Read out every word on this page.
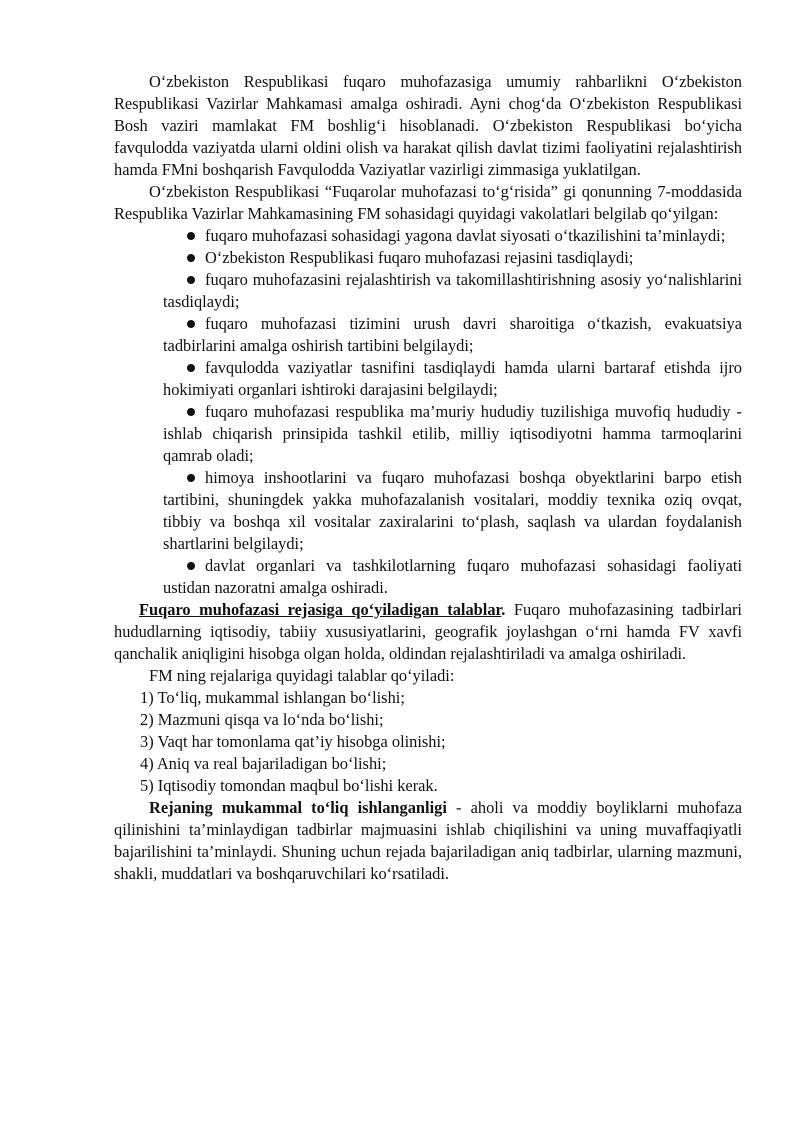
O‘zbekiston Respublikasi fuqaro muhofazasiga umumiy rahbarlikni O‘zbekiston Respublikasi Vazirlar Mahkamasi amalga oshiradi. Ayni chog‘da O‘zbekiston Respublikasi Bosh vaziri mamlakat FM boshlig‘i hisoblanadi. O‘zbekiston Respublikasi bo‘yicha favqulodda vaziyatda ularni oldini olish va harakat qilish davlat tizimi faoliyatini rejalashtirish hamda FMni boshqarish Favqulodda Vaziyatlar vazirligi zimmasiga yuklatilgan.

O‘zbekiston Respublikasi “Fuqarolar muhofazasi to‘g‘risida” gi qonunning 7-moddasida Respublika Vazirlar Mahkamasining FM sohasidagi quyidagi vakolatlari belgilab qo‘yilgan:

fuqaro muhofazasi sohasidagi yagona davlat siyosati o‘tkazilishini ta’minlaydi;
O‘zbekiston Respublikasi fuqaro muhofazasi rejasini tasdiqlaydi;
fuqaro muhofazasini rejalashtirish va takomillashtirishning asosiy yo‘nalishlarini tasdiqlaydi;
fuqaro muhofazasi tizimini urush davri sharoitiga o‘tkazish, evakuatsiya tadbirlarini amalga oshirish tartibini belgilaydi;
favqulodda vaziyatlar tasnifini tasdiqlaydi hamda ularni bartaraf etishda ijro hokimiyati organlari ishtiroki darajasini belgilaydi;
fuqaro muhofazasi respublika ma’muriy hududiy tuzilishiga muvofiq hududiy - ishlab chiqarish prinsipida tashkil etilib, milliy iqtisodiyotni hamma tarmoqlarini qamrab oladi;
himoya inshootlarini va fuqaro muhofazasi boshqa obyektlarini barpo etish tartibini, shuningdek yakka muhofazalanish vositalari, moddiy texnika oziq ovqat, tibbiy va boshqa xil vositalar zaxiralarini to‘plash, saqlash va ulardan foydalanish shartlarini belgilaydi;
davlat organlari va tashkilotlarning fuqaro muhofazasi sohasidagi faoliyati ustidan nazoratni amalga oshiradi.

Fuqaro muhofazasi rejasiga qo‘yiladigan talablar. Fuqaro muhofazasining tadbirlari hududlarning iqtisodiy, tabiiy xususiyatlarini, geografik joylashgan o‘rni hamda FV xavfi qanchalik aniqligini hisobga olgan holda, oldindan rejalashtiriladi va amalga oshiriladi.

FM ning rejalariga quyidagi talablar qo‘yiladi:

1) To‘liq, mukammal ishlangan bo‘lishi;
2) Mazmuni qisqa va lo‘nda bo‘lishi;
3) Vaqt har tomonlama qat’iy hisobga olinishi;
4) Aniq va real bajariladigan bo‘lishi;
5) Iqtisodiy tomondan maqbul bo‘lishi kerak.

Rejaning mukammal to‘liq ishlanganligi - aholi va moddiy boyliklarni muhofaza qilinishini ta’minlaydigan tadbirlar majmuasini ishlab chiqilishini va uning muvaffaqiyatli bajarilishini ta’minlaydi. Shuning uchun rejada bajariladigan aniq tadbirlar, ularning mazmuni, shakli, muddatlari va boshqaruvchilari ko‘rsatiladi.
